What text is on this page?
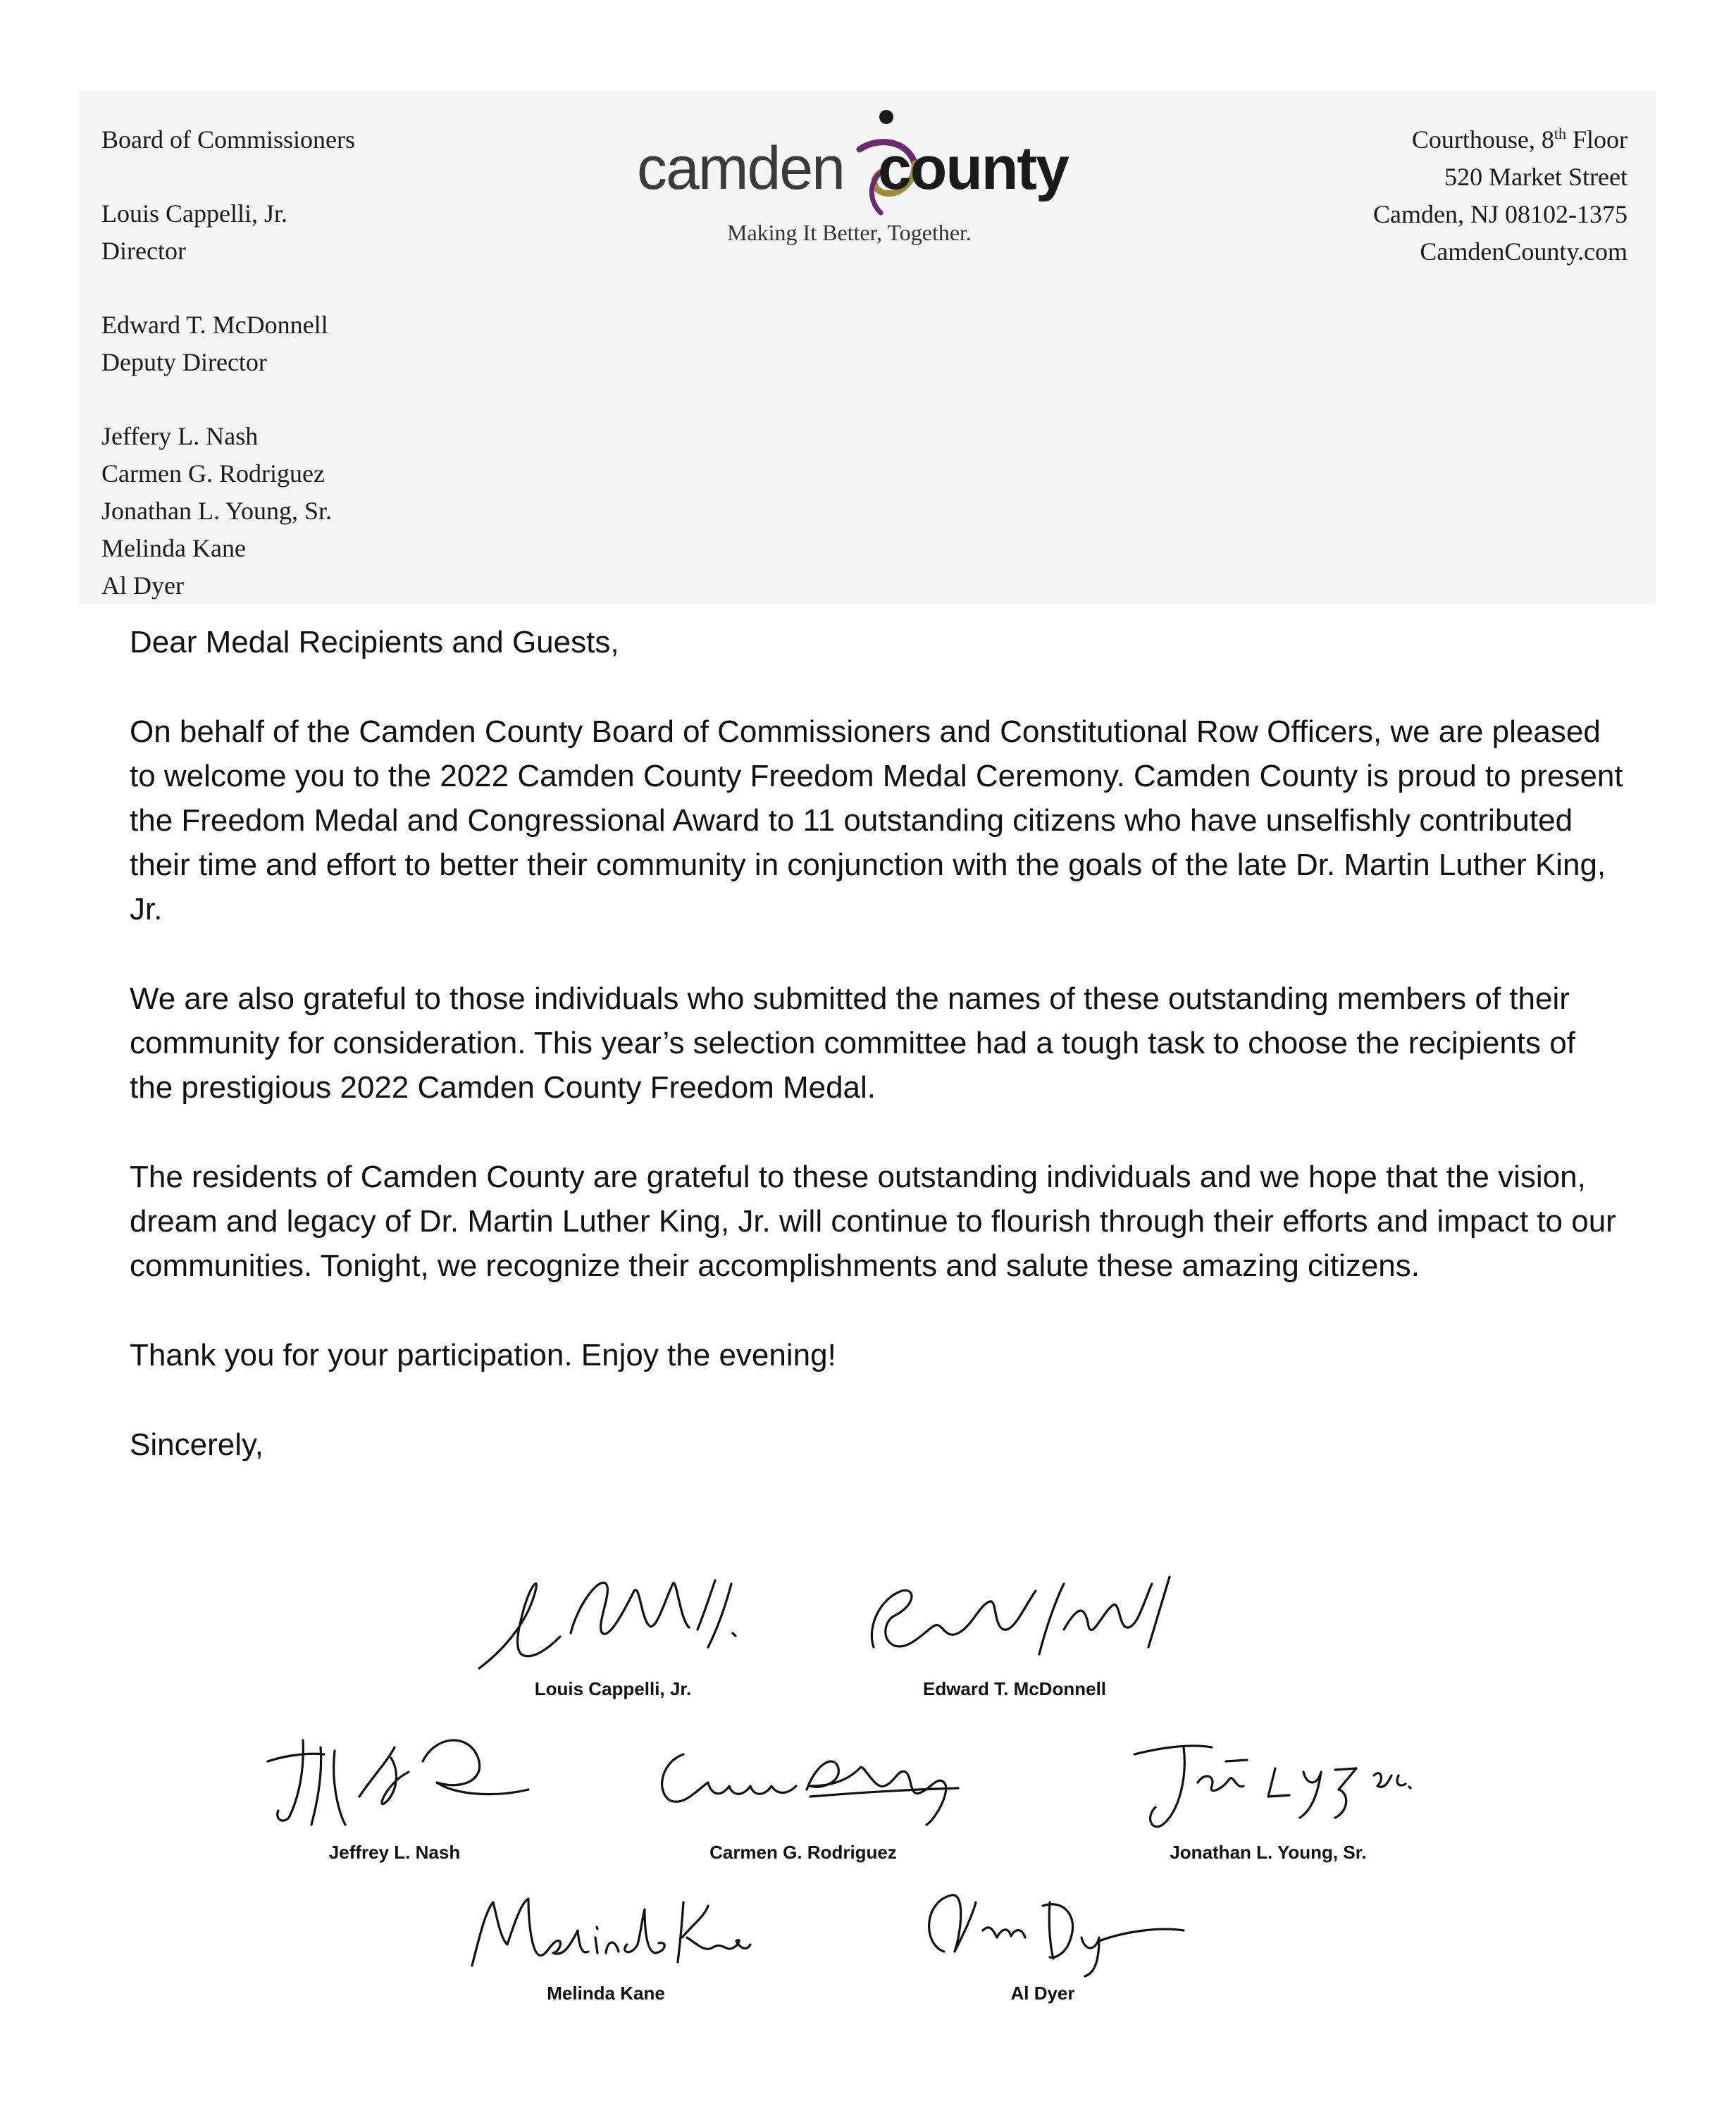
Board of Commissioners
Louis Cappelli, Jr.
Director
Edward T. McDonnell
Deputy Director
Jeffery L. Nash
Carmen G. Rodriguez
Jonathan L. Young, Sr.
Melinda Kane
Al Dyer
camden county
Making It Better, Together.
Courthouse, 8th Floor
520 Market Street
Camden, NJ 08102-1375
CamdenCounty.com

Dear Medal Recipients and Guests,

On behalf of the Camden County Board of Commissioners and Constitutional Row Officers, we are pleased to welcome you to the 2022 Camden County Freedom Medal Ceremony. Camden County is proud to present the Freedom Medal and Congressional Award to 11 outstanding citizens who have unselfishly contributed their time and effort to better their community in conjunction with the goals of the late Dr. Martin Luther King, Jr.

We are also grateful to those individuals who submitted the names of these outstanding members of their community for consideration. This year’s selection committee had a tough task to choose the recipients of the prestigious 2022 Camden County Freedom Medal.

The residents of Camden County are grateful to these outstanding individuals and we hope that the vision, dream and legacy of Dr. Martin Luther King, Jr. will continue to flourish through their efforts and impact to our communities. Tonight, we recognize their accomplishments and salute these amazing citizens.

Thank you for your participation. Enjoy the evening!

Sincerely,

Louis Cappelli, Jr.	Edward T. McDonnell
Jeffrey L. Nash	Carmen G. Rodriguez	Jonathan L. Young, Sr.
Melinda Kane	Al Dyer
